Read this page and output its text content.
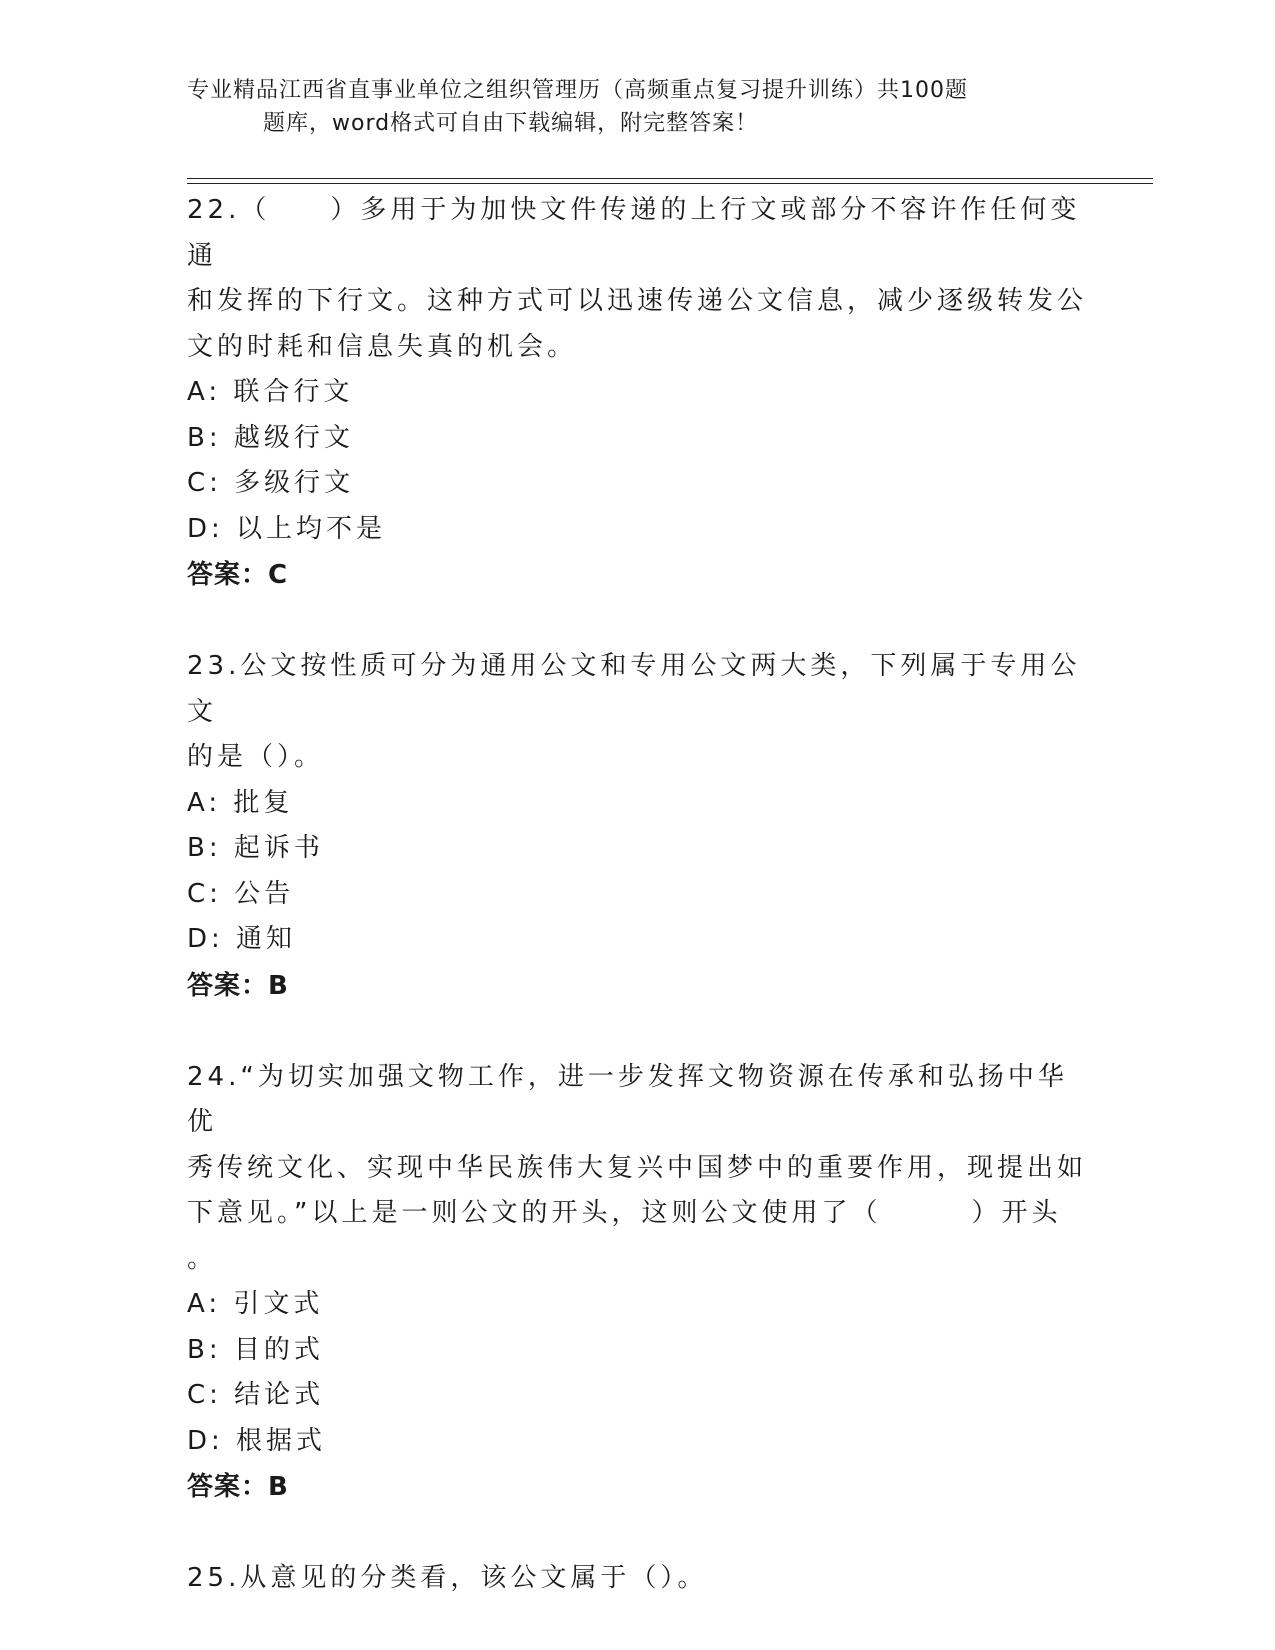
专业精品江西省直事业单位之组织管理历（高频重点复习提升训练）共100题
题库，word格式可自由下载编辑，附完整答案！
22.（　　）多用于为加快文件传递的上行文或部分不容许作任何变通
和发挥的下行文。这种方式可以迅速传递公文信息，减少逐级转发公
文的时耗和信息失真的机会。
A: 联合行文
B: 越级行文
C: 多级行文
D: 以上均不是
答案：C
23.公文按性质可分为通用公文和专用公文两大类，下列属于专用公文
的是（）。
A: 批复
B: 起诉书
C: 公告
D: 通知
答案：B
24.“为切实加强文物工作，进一步发挥文物资源在传承和弘扬中华优
秀传统文化、实现中华民族伟大复兴中国梦中的重要作用，现提出如
下意见。”以上是一则公文的开头，这则公文使用了（　　　）开头
。
A: 引文式
B: 目的式
C: 结论式
D: 根据式
答案：B
25.从意见的分类看，该公文属于（）。
